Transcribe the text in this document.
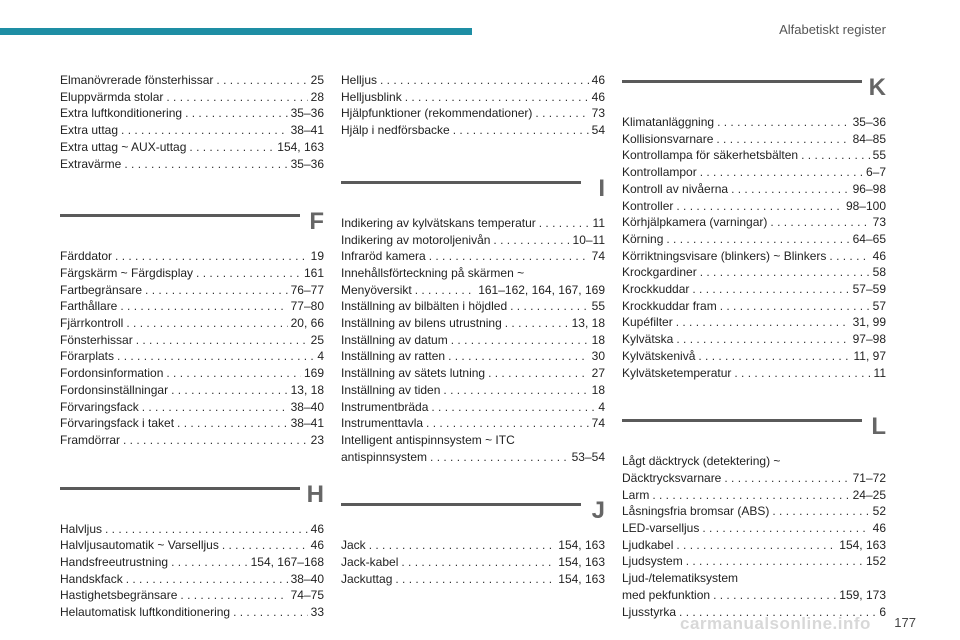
Alfabetiskt register
Elmanövrerade fönsterhissar . . .	25
Eluppvärmda stolar . . .	28
Extra luftkonditionering . . .	35–36
Extra uttag . . .	38–41
Extra uttag ~ AUX-uttag . . .	154, 163
Extravärme . . .	35–36
F
Färddator . . .	19
Färgskärm ~ Färgdisplay . . .	161
Fartbegränsare . . .	76–77
Farthållare . . .	77–80
Fjärrkontroll . . .	20, 66
Fönsterhissar . . .	25
Förarplats . . .	4
Fordonsinformation . . .	169
Fordonsinställningar . . .	13, 18
Förvaringsfack . . .	38–40
Förvaringsfack i taket . . .	38–41
Framdörrar . . .	23
H
Halvljus . . .	46
Halvljusautomatik ~ Varselljus . . .	46
Handsfreeutrustning . . .	154, 167–168
Handskfack . . .	38–40
Hastighetsbegränsare . . .	74–75
Helautomatisk luftkonditionering . . .	33
Helljus . . .	46
Helljusblink . . .	46
Hjälpfunktioner (rekommendationer) . . .	73
Hjälp i nedförsbacke . . .	54
I
Indikering av kylvätskans temperatur . . .	11
Indikering av motoroljenivån . . .	10–11
Infraröd kamera . . .	74
Innehållsförteckning på skärmen ~
Menyöversikt . . .	161–162, 164, 167, 169
Inställning av bilbälten i höjdled . . .	55
Inställning av bilens utrustning . . .	13, 18
Inställning av datum . . .	18
Inställning av ratten . . .	30
Inställning av sätets lutning . . .	27
Inställning av tiden . . .	18
Instrumentbräda . . .	4
Instrumenttavla . . .	74
Intelligent antispinnsystem ~ ITC
antispinnsystem . . .	53–54
J
Jack . . .	154, 163
Jack-kabel . . .	154, 163
Jackuttag . . .	154, 163
K
Klimatanläggning . . .	35–36
Kollisionsvarnare . . .	84–85
Kontrollampa för säkerhetsbälten . . .	55
Kontrollampor . . .	6–7
Kontroll av nivåerna . . .	96–98
Kontroller . . .	98–100
Körhjälpkamera (varningar) . . .	73
Körning . . .	64–65
Körriktningsvisare (blinkers) ~ Blinkers . . .	46
Krockgardiner . . .	58
Krockkuddar . . .	57–59
Krockkuddar fram . . .	57
Kupéfilter . . .	31, 99
Kylvätska . . .	97–98
Kylvätskenivå . . .	11, 97
Kylvätsketemperatur . . .	11
L
Lågt däcktryck (detektering) ~
Däcktrycksvarnare . . .	71–72
Larm . . .	24–25
Låsningsfria bromsar (ABS) . . .	52
LED-varselljus . . .	46
Ljudkabel . . .	154, 163
Ljudsystem . . .	152
Ljud-/telematiksystem
med pekfunktion . . .	159, 173
Ljusstyrka . . .	6
177
carmanualsonline.info
